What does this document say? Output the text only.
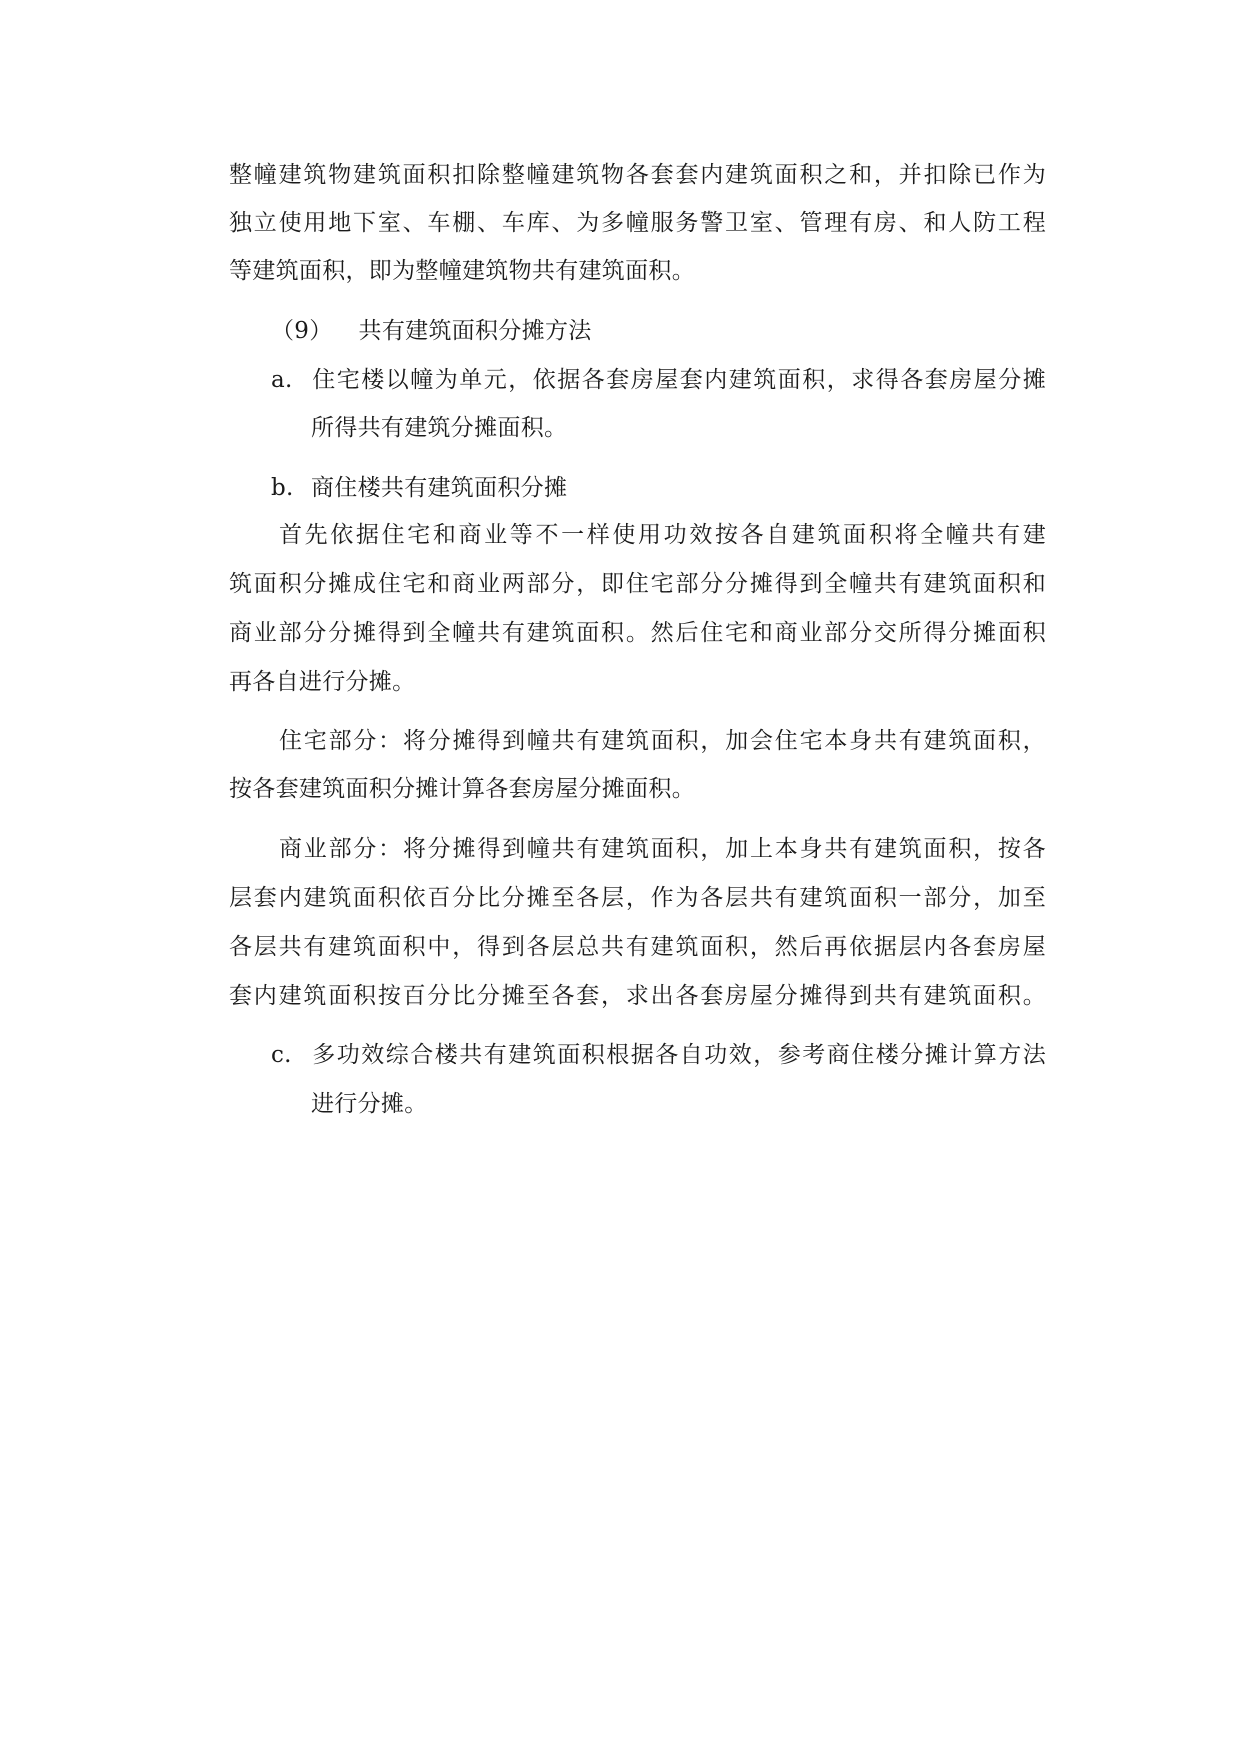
整幢建筑物建筑面积扣除整幢建筑物各套套内建筑面积之和，并扣除已作为
独立使用地下室、车棚、车库、为多幢服务警卫室、管理有房、和人防工程
等建筑面积，即为整幢建筑物共有建筑面积。
（9） 共有建筑面积分摊方法
a. 住宅楼以幢为单元，依据各套房屋套内建筑面积，求得各套房屋分摊
所得共有建筑分摊面积。
b. 商住楼共有建筑面积分摊
首先依据住宅和商业等不一样使用功效按各自建筑面积将全幢共有建
筑面积分摊成住宅和商业两部分，即住宅部分分摊得到全幢共有建筑面积和
商业部分分摊得到全幢共有建筑面积。然后住宅和商业部分交所得分摊面积
再各自进行分摊。
住宅部分：将分摊得到幢共有建筑面积，加会住宅本身共有建筑面积，
按各套建筑面积分摊计算各套房屋分摊面积。
商业部分：将分摊得到幢共有建筑面积，加上本身共有建筑面积，按各
层套内建筑面积依百分比分摊至各层，作为各层共有建筑面积一部分，加至
各层共有建筑面积中，得到各层总共有建筑面积，然后再依据层内各套房屋
套内建筑面积按百分比分摊至各套，求出各套房屋分摊得到共有建筑面积。
c. 多功效综合楼共有建筑面积根据各自功效，参考商住楼分摊计算方法
进行分摊。
